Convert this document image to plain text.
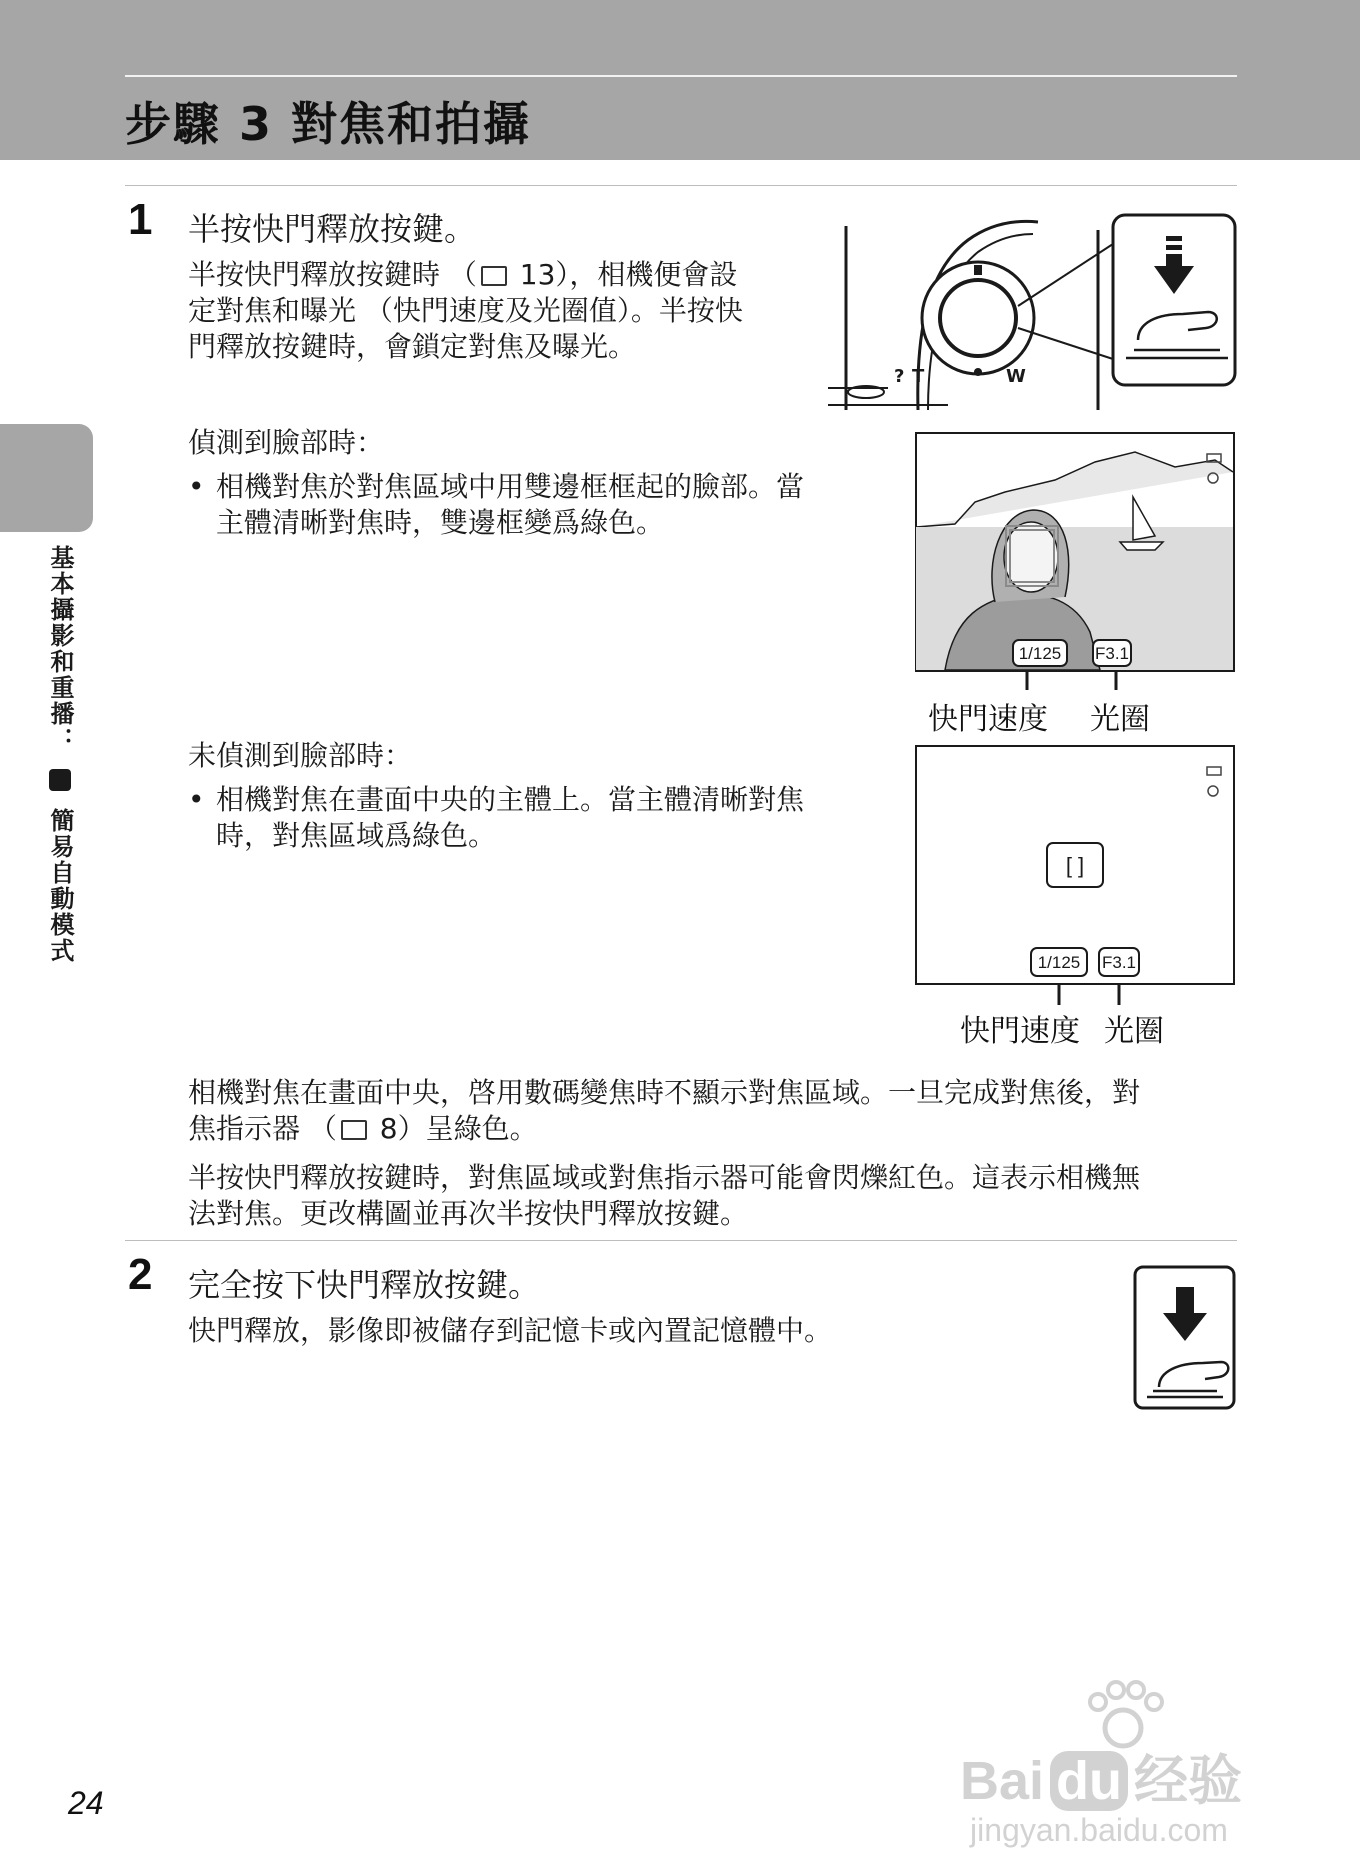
步驟 3 對焦和拍攝
基本攝影和重播：  簡易自動模式
1 半按快門釋放按鍵。
半按快門釋放按鍵時 （ 13），相機便會設
定對焦和曝光 （快門速度及光圈值）。半按快
門釋放按鍵時，會鎖定對焦及曝光。
T
?	W
偵測到臉部時：
• 相機對焦於對焦區域中用雙邊框框起的臉部。當
主體清晰對焦時，雙邊框變爲綠色。
1/125 F3.1
快門速度 光圈
未偵測到臉部時：
• 相機對焦在畫面中央的主體上。當主體清晰對焦
時，對焦區域爲綠色。
[ ]
1/125 F3.1
快門速度 光圈
相機對焦在畫面中央，啓用數碼變焦時不顯示對焦區域。一旦完成對焦後，對
焦指示器 （ 8）呈綠色。
半按快門釋放按鍵時，對焦區域或對焦指示器可能會閃爍紅色。這表示相機無
法對焦。更改構圖並再次半按快門釋放按鍵。
2 完全按下快門釋放按鍵。
快門釋放，影像即被儲存到記憶卡或內置記憶體中。
24	Bai du 经验
jingyan.baidu.com
